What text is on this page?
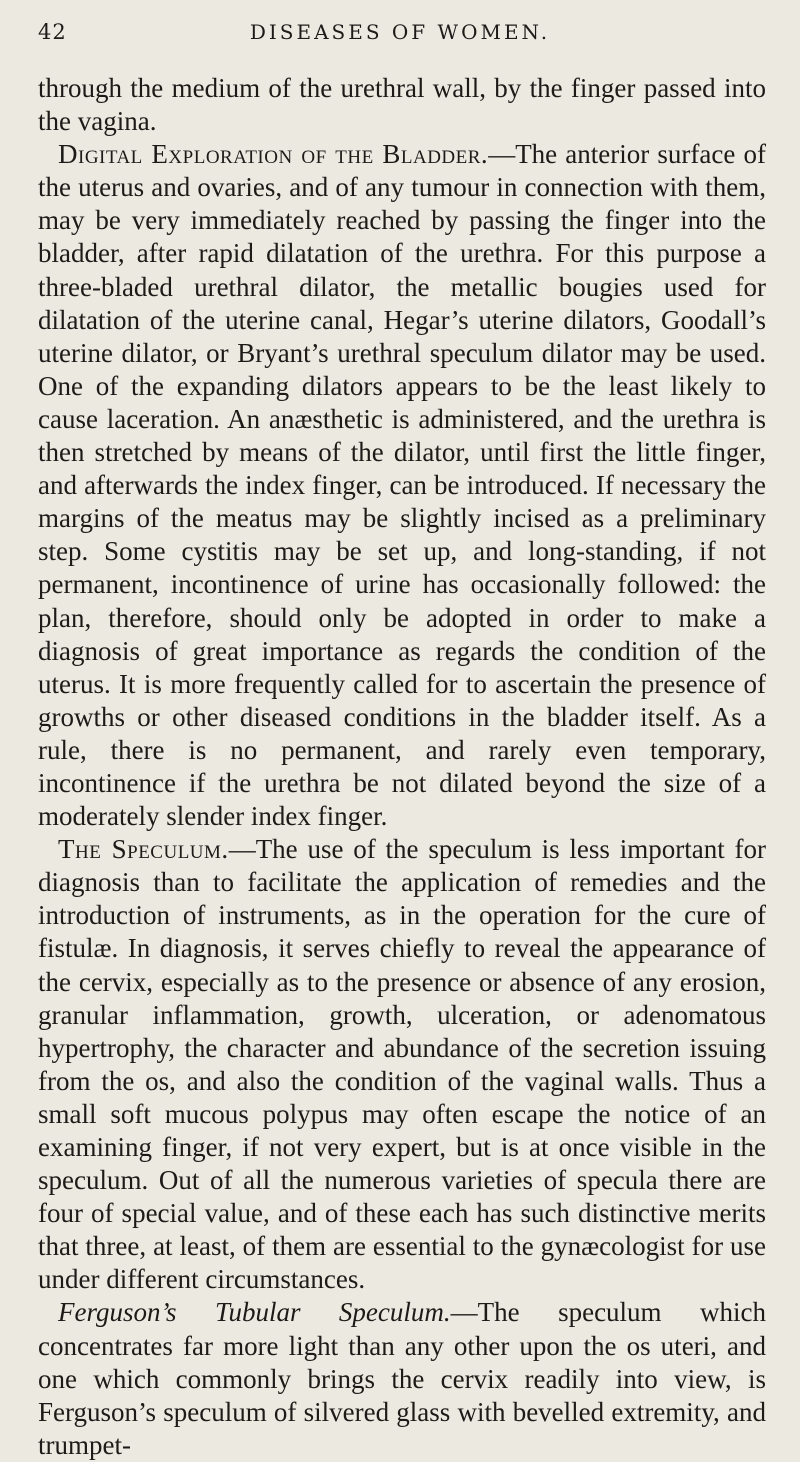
42	DISEASES OF WOMEN.

through the medium of the urethral wall, by the finger passed into the vagina.

Digital Exploration of the Bladder.—The anterior surface of the uterus and ovaries, and of any tumour in connection with them, may be very immediately reached by passing the finger into the bladder, after rapid dilatation of the urethra. For this purpose a three-bladed urethral dilator, the metallic bougies used for dilatation of the uterine canal, Hegar’s uterine dilators, Goodall’s uterine dilator, or Bryant’s urethral speculum dilator may be used. One of the expanding dilators appears to be the least likely to cause laceration. An anæsthetic is administered, and the urethra is then stretched by means of the dilator, until first the little finger, and afterwards the index finger, can be introduced. If necessary the margins of the meatus may be slightly incised as a preliminary step. Some cystitis may be set up, and long-standing, if not permanent, incontinence of urine has occasionally followed: the plan, therefore, should only be adopted in order to make a diagnosis of great importance as regards the condition of the uterus. It is more frequently called for to ascertain the presence of growths or other diseased conditions in the bladder itself. As a rule, there is no permanent, and rarely even temporary, incontinence if the urethra be not dilated beyond the size of a moderately slender index finger.

The Speculum.—The use of the speculum is less important for diagnosis than to facilitate the application of remedies and the introduction of instruments, as in the operation for the cure of fistulæ. In diagnosis, it serves chiefly to reveal the appearance of the cervix, especially as to the presence or absence of any erosion, granular inflammation, growth, ulceration, or adenomatous hypertrophy, the character and abundance of the secretion issuing from the os, and also the condition of the vaginal walls. Thus a small soft mucous polypus may often escape the notice of an examining finger, if not very expert, but is at once visible in the speculum. Out of all the numerous varieties of specula there are four of special value, and of these each has such distinctive merits that three, at least, of them are essential to the gynæcologist for use under different circumstances.

Ferguson’s Tubular Speculum.—The speculum which concentrates far more light than any other upon the os uteri, and one which commonly brings the cervix readily into view, is Ferguson’s speculum of silvered glass with bevelled extremity, and trumpet-
